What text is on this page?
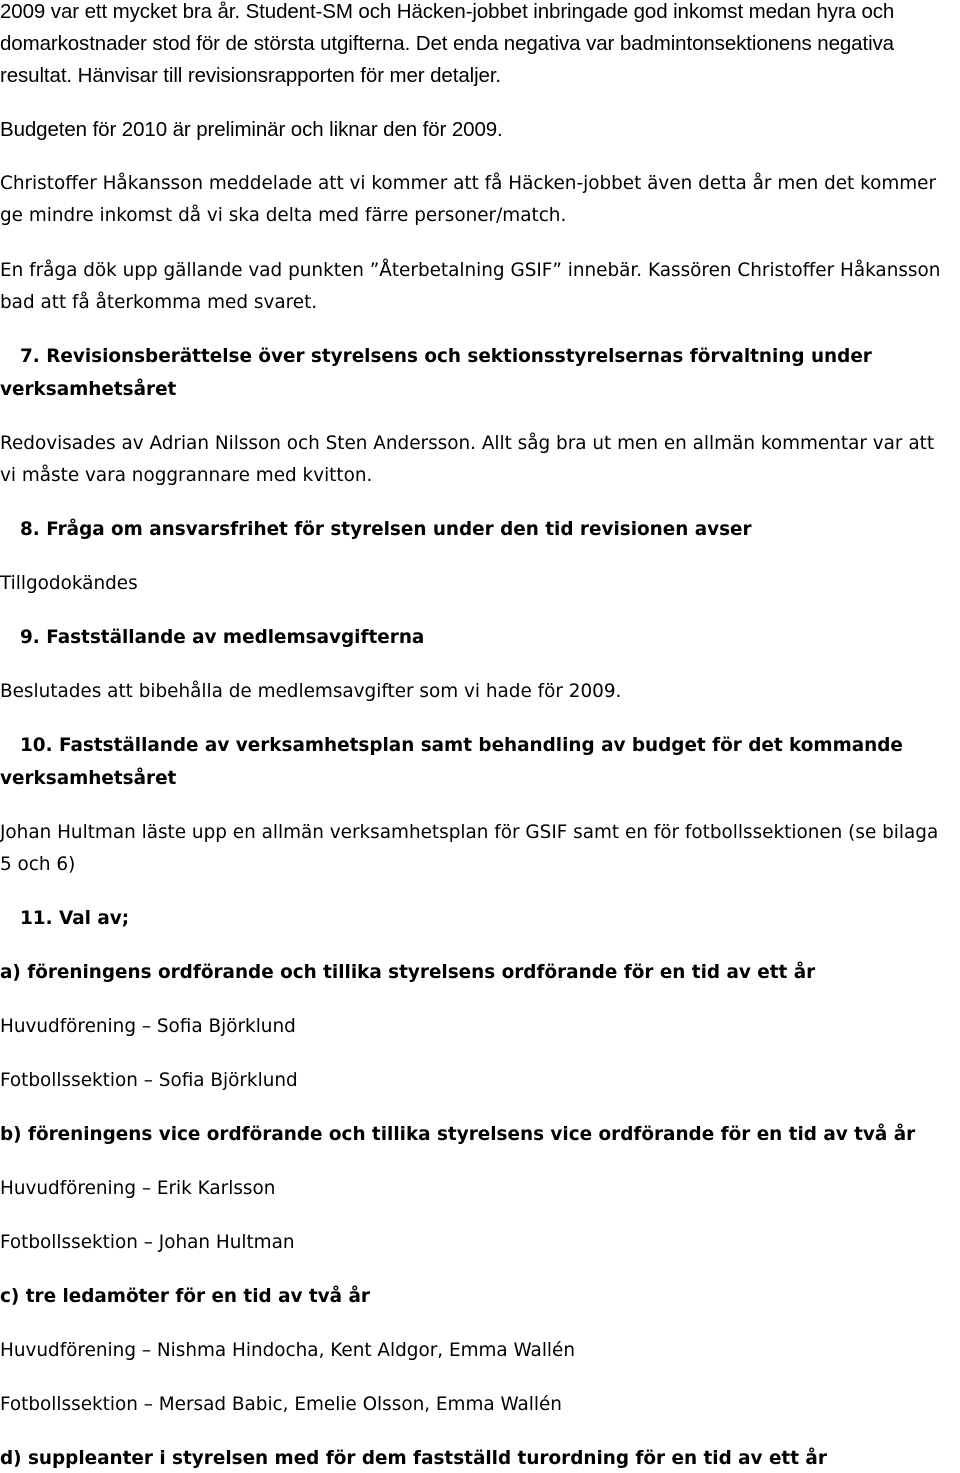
2009 var ett mycket bra år. Student-SM och Häcken-jobbet inbringade god inkomst medan hyra och
domarkostnader stod för de största utgifterna. Det enda negativa var badmintonsektionens negativa
resultat. Hänvisar till revisionsrapporten för mer detaljer.
Budgeten för 2010 är preliminär och liknar den för 2009.
Christoffer Håkansson meddelade att vi kommer att få Häcken-jobbet även detta år men det kommer
ge mindre inkomst då vi ska delta med färre personer/match.
En fråga dök upp gällande vad punkten ”Återbetalning GSIF” innebär. Kassören Christoffer Håkansson
bad att få återkomma med svaret.
7. Revisionsberättelse över styrelsens och sektionsstyrelsernas förvaltning under
verksamhetsåret
Redovisades av Adrian Nilsson och Sten Andersson. Allt såg bra ut men en allmän kommentar var att
vi måste vara noggrannare med kvitton.
8. Fråga om ansvarsfrihet för styrelsen under den tid revisionen avser
Tillgodokändes
9. Fastställande av medlemsavgifterna
Beslutades att bibehålla de medlemsavgifter som vi hade för 2009.
10. Fastställande av verksamhetsplan samt behandling av budget för det kommande
verksamhetsåret
Johan Hultman läste upp en allmän verksamhetsplan för GSIF samt en för fotbollssektionen (se bilaga
5 och 6)
11. Val av;
a) föreningens ordförande och tillika styrelsens ordförande för en tid av ett år
Huvudförening – Sofia Björklund
Fotbollssektion – Sofia Björklund
b) föreningens vice ordförande och tillika styrelsens vice ordförande för en tid av två år
Huvudförening – Erik Karlsson
Fotbollssektion – Johan Hultman
c) tre ledamöter för en tid av två år
Huvudförening – Nishma Hindocha, Kent Aldgor, Emma Wallén
Fotbollssektion – Mersad Babic, Emelie Olsson, Emma Wallén
d) suppleanter i styrelsen med för dem fastställd turordning för en tid av ett år
